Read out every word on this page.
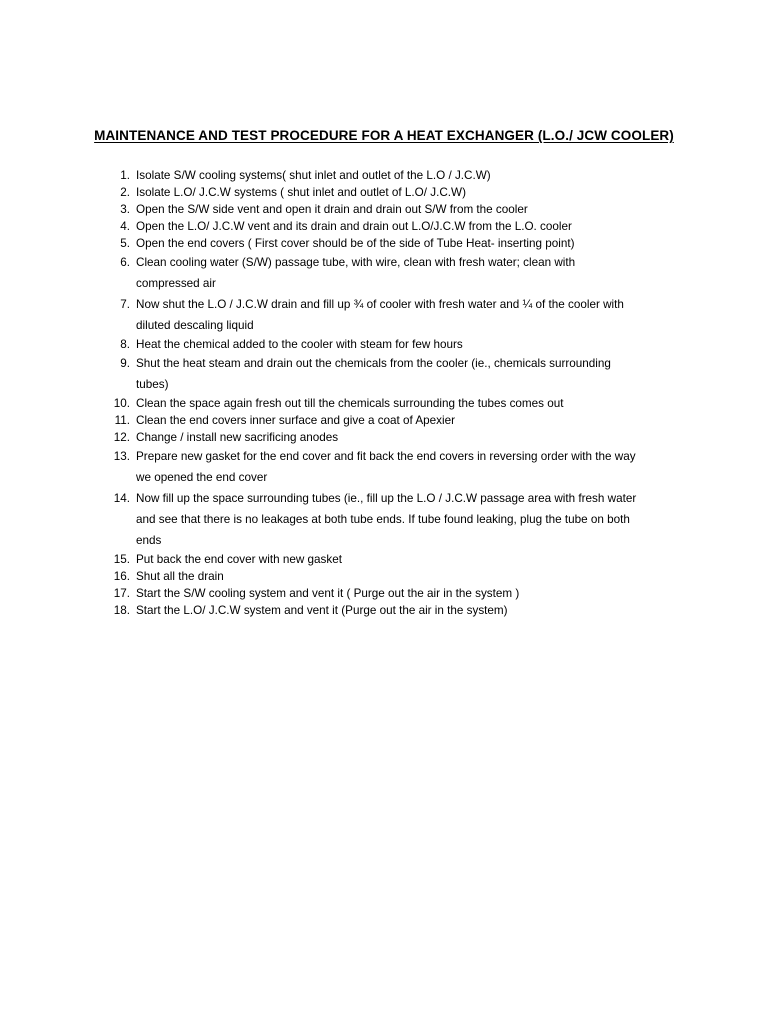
MAINTENANCE AND TEST PROCEDURE FOR A HEAT EXCHANGER (L.O./ JCW COOLER)
1. Isolate S/W cooling systems( shut inlet and outlet of the L.O / J.C.W)
2. Isolate L.O/ J.C.W systems ( shut inlet and outlet of L.O/ J.C.W)
3. Open the S/W side vent and open it drain and drain out S/W from the cooler
4. Open the L.O/ J.C.W vent and its drain and drain out L.O/J.C.W from the L.O. cooler
5. Open the end covers ( First cover should be of the side of Tube Heat- inserting point)
6. Clean cooling water (S/W) passage tube, with wire, clean with fresh water; clean with
compressed air
7. Now shut the L.O / J.C.W drain and fill up ¾ of cooler with fresh water and ¼ of the cooler with
diluted descaling liquid
8. Heat the chemical added to the cooler with steam for few hours
9. Shut the heat steam and drain out the chemicals from the cooler (ie., chemicals surrounding
tubes)
10. Clean the space again fresh out till the chemicals surrounding the tubes comes out
11. Clean the end covers inner surface and give a coat of Apexier
12. Change / install new sacrificing anodes
13. Prepare new gasket for the end cover and fit back the end covers in reversing order with the way
we opened the end cover
14. Now fill up the space surrounding tubes (ie., fill up the L.O / J.C.W passage area with fresh water
and see that there is no leakages at both tube ends. If tube found leaking, plug the tube on both
ends
15. Put back the end cover with new gasket
16. Shut all the drain
17. Start the S/W cooling system and vent it ( Purge out the air in the system )
18. Start the L.O/ J.C.W system and vent it (Purge out the air in the system)
